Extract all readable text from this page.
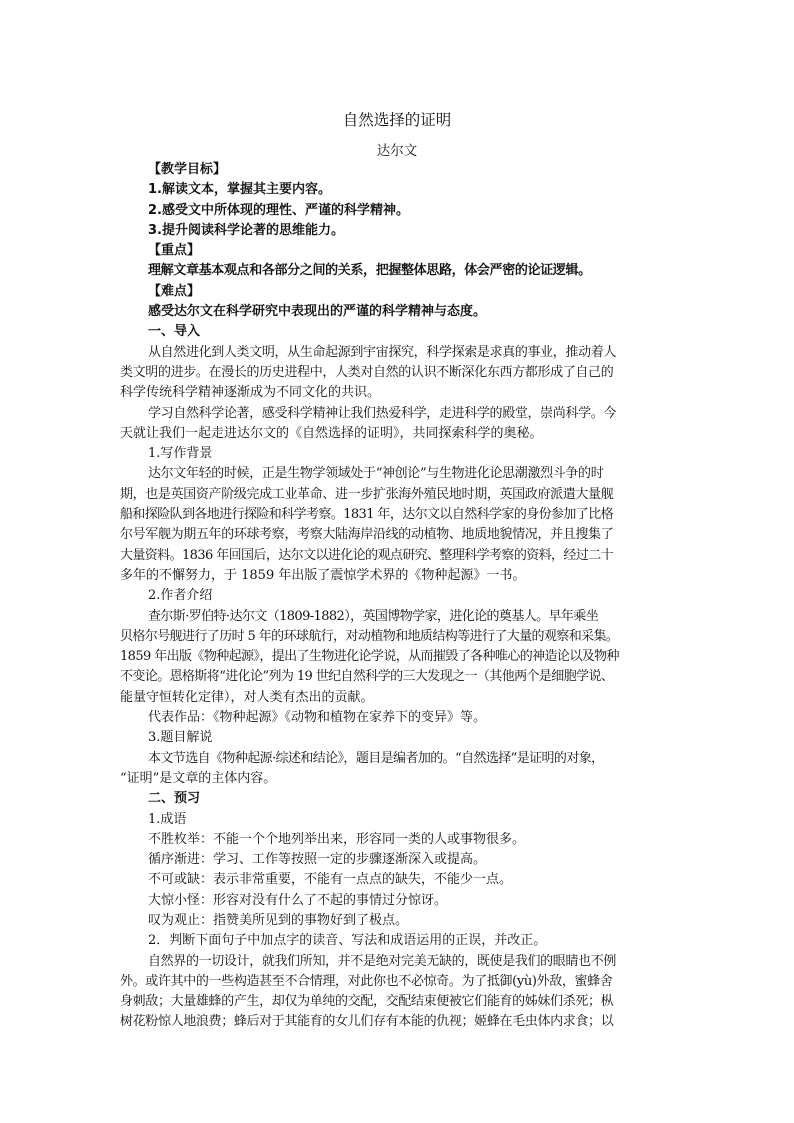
自然选择的证明
达尔文
【教学目标】
1.解读文本，掌握其主要内容。
2.感受文中所体现的理性、严谨的科学精神。
3.提升阅读科学论著的思维能力。
【重点】
理解文章基本观点和各部分之间的关系，把握整体思路，体会严密的论证逻辑。
【难点】
感受达尔文在科学研究中表现出的严谨的科学精神与态度。
一、导入
从自然进化到人类文明，从生命起源到宇宙探究，科学探索是求真的事业，推动着人
类文明的进步。在漫长的历史进程中，人类对自然的认识不断深化东西方都形成了自己的
科学传统科学精神逐渐成为不同文化的共识。
学习自然科学论著，感受科学精神让我们热爱科学，走进科学的殿堂，崇尚科学。今
天就让我们一起走进达尔文的《自然选择的证明》，共同探索科学的奥秘。
1.写作背景
达尔文年轻的时候，正是生物学领域处于“神创论”与生物进化论思潮激烈斗争的时
期，也是英国资产阶级完成工业革命、进一步扩张海外殖民地时期，英国政府派遣大量舰
船和探险队到各地进行探险和科学考察。1831 年，达尔文以自然科学家的身份参加了比格
尔号军舰为期五年的环球考察，考察大陆海岸沿线的动植物、地质地貌情况，并且搜集了
大量资料。1836 年回国后，达尔文以进化论的观点研究、整理科学考察的资料，经过二十
多年的不懈努力，于 1859 年出版了震惊学术界的《物种起源》一书。
2.作者介绍
查尔斯·罗伯特·达尔文（1809-1882），英国博物学家，进化论的奠基人。早年乘坐
贝格尔号舰进行了历时 5 年的环球航行，对动植物和地质结构等进行了大量的观察和采集。
1859 年出版《物种起源》，提出了生物进化论学说，从而摧毁了各种唯心的神造论以及物种
不变论。恩格斯将“进化论”列为 19 世纪自然科学的三大发现之一（其他两个是细胞学说、
能量守恒转化定律），对人类有杰出的贡献。
代表作品：《物种起源》《动物和植物在家养下的变异》等。
3.题目解说
本文节选自《物种起源·综述和结论》，题目是编者加的。“自然选择”是证明的对象，
“证明”是文章的主体内容。
二、预习
1.成语
不胜枚举：不能一个个地列举出来，形容同一类的人或事物很多。
循序渐进：学习、工作等按照一定的步骤逐渐深入或提高。
不可或缺：表示非常重要，不能有一点点的缺失，不能少一点。
大惊小怪：形容对没有什么了不起的事情过分惊讶。
叹为观止：指赞美所见到的事物好到了极点。
2．判断下面句子中加点字的读音、写法和成语运用的正误，并改正。
自然界的一切设计，就我们所知，并不是绝对完美无缺的，既使是我们的眼睛也不例
外。或许其中的一些构造甚至不合情理，对此你也不必惊奇。为了抵御(yù)外敌，蜜蜂舍
身刺敌；大量雄蜂的产生，却仅为单纯的交配，交配结束便被它们能育的姊妹们杀死；枞
树花粉惊人地浪费；蜂后对于其能育的女儿们存有本能的仇视；姬蜂在毛虫体内求食；以
